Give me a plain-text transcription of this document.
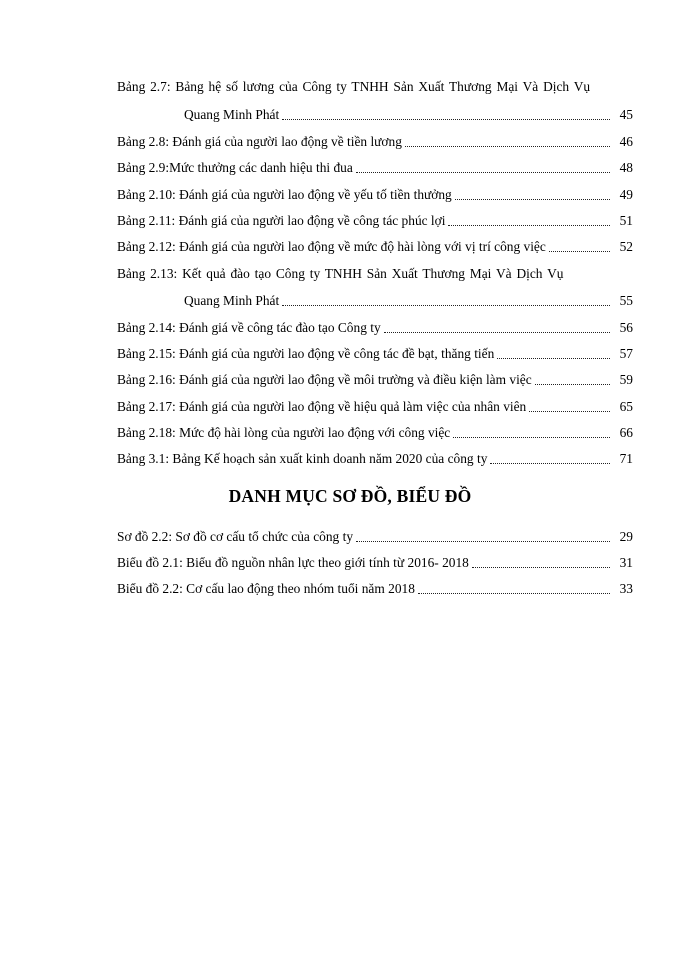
Bảng 2.7: Bảng hệ số lương của Công ty TNHH Sản Xuất Thương Mại Và Dịch Vụ
Quang Minh Phát	45
Bảng 2.8: Đánh giá của người lao động về tiền lương	46
Bảng 2.9:Mức thưởng các danh hiệu thi đua	48
Bảng 2.10: Đánh giá của người lao động về yếu tố tiền thưởng	49
Bảng 2.11: Đánh giá của người lao động về công tác phúc lợi	51
Bảng 2.12: Đánh giá của người lao động về mức độ hài lòng với vị trí công việc	52
Bảng 2.13: Kết quả đào tạo Công ty TNHH Sản Xuất Thương Mại Và Dịch Vụ
Quang Minh Phát	55
Bảng 2.14: Đánh giá về công tác đào tạo Công ty	56
Bảng 2.15: Đánh giá của người lao động về công tác đề bạt, thăng tiến	57
Bảng 2.16: Đánh giá của người lao động về môi trường và điều kiện làm việc	59
Bảng 2.17: Đánh giá của người lao động về hiệu quả làm việc của nhân viên	65
Bảng 2.18: Mức độ hài lòng của người lao động với công việc	66
Bảng 3.1: Bảng Kế hoạch sản xuất kinh doanh năm 2020 của công ty	71
DANH MỤC SƠ ĐỒ, BIỂU ĐỒ
Sơ đồ 2.2: Sơ đồ cơ cấu tổ chức của công ty	29
Biểu đồ 2.1: Biểu đồ nguồn nhân lực theo giới tính từ 2016- 2018	31
Biểu đồ 2.2: Cơ cấu lao động theo nhóm tuổi năm 2018	33
